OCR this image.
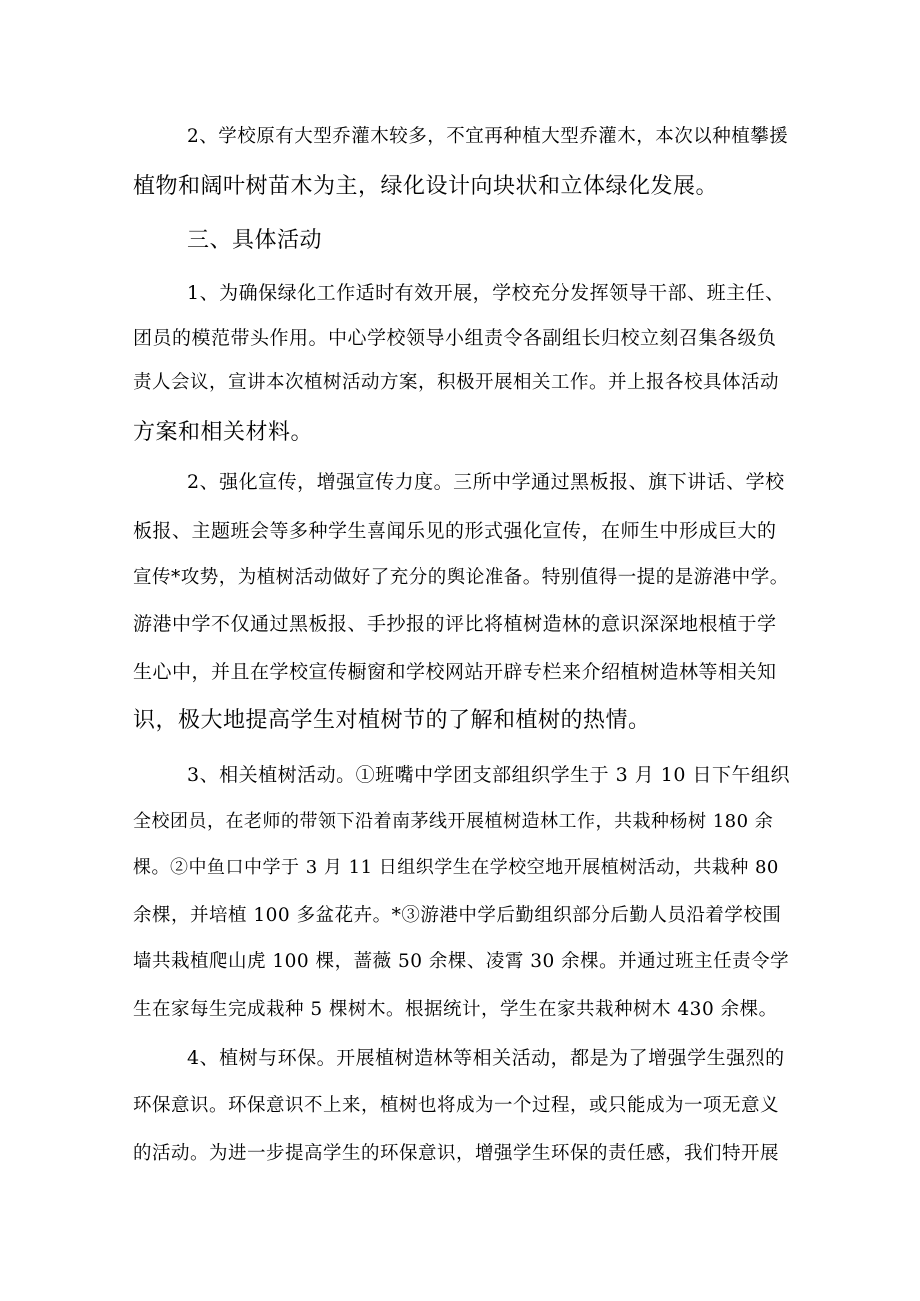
2、学校原有大型乔灌木较多，不宜再种植大型乔灌木，本次以种植攀援
植物和阔叶树苗木为主，绿化设计向块状和立体绿化发展。
三、具体活动
1、为确保绿化工作适时有效开展，学校充分发挥领导干部、班主任、
团员的模范带头作用。中心学校领导小组责令各副组长归校立刻召集各级负
责人会议，宣讲本次植树活动方案，积极开展相关工作。并上报各校具体活动
方案和相关材料。
2、强化宣传，增强宣传力度。三所中学通过黑板报、旗下讲话、学校
板报、主题班会等多种学生喜闻乐见的形式强化宣传，在师生中形成巨大的
宣传*攻势，为植树活动做好了充分的舆论准备。特别值得一提的是游港中学。
游港中学不仅通过黑板报、手抄报的评比将植树造林的意识深深地根植于学
生心中，并且在学校宣传橱窗和学校网站开辟专栏来介绍植树造林等相关知
识，极大地提高学生对植树节的了解和植树的热情。
3、相关植树活动。①班嘴中学团支部组织学生于 3 月 10 日下午组织
全校团员，在老师的带领下沿着南茅线开展植树造林工作，共栽种杨树 180 余
棵。②中鱼口中学于 3 月 11 日组织学生在学校空地开展植树活动，共栽种 80
余棵，并培植 100 多盆花卉。*③游港中学后勤组织部分后勤人员沿着学校围
墙共栽植爬山虎 100 棵，蔷薇 50 余棵、凌霄 30 余棵。并通过班主任责令学
生在家每生完成栽种 5 棵树木。根据统计，学生在家共栽种树木 430 余棵。
4、植树与环保。开展植树造林等相关活动，都是为了增强学生强烈的
环保意识。环保意识不上来，植树也将成为一个过程，或只能成为一项无意义
的活动。为进一步提高学生的环保意识，增强学生环保的责任感，我们特开展
